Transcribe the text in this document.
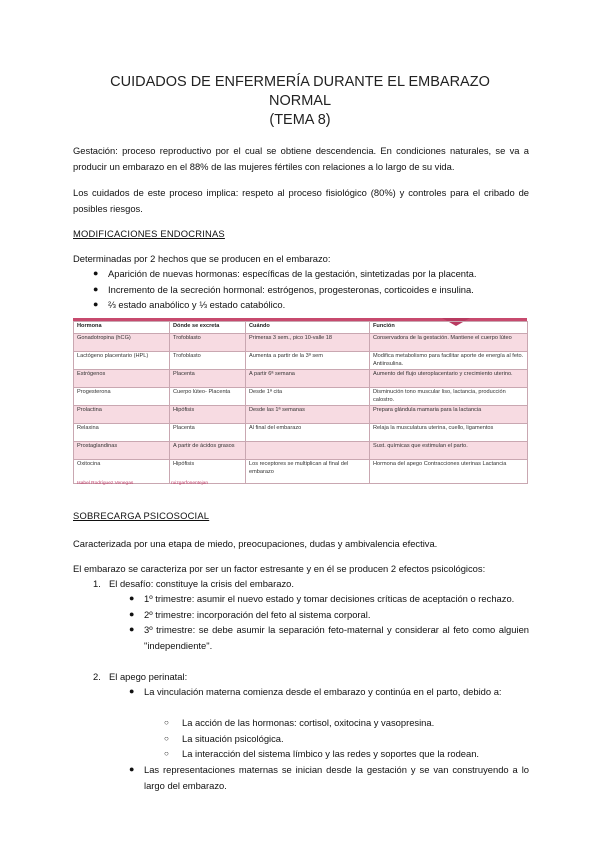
CUIDADOS DE ENFERMERÍA DURANTE EL EMBARAZO
NORMAL
(TEMA 8)

Gestación: proceso reproductivo por el cual se obtiene descendencia. En condiciones naturales, se va a producir un embarazo en el 88% de las mujeres fértiles con relaciones a lo largo de su vida.

Los cuidados de este proceso implica: respeto al proceso fisiológico (80%) y controles para el cribado de posibles riesgos.

MODIFICACIONES ENDOCRINAS

Determinadas por 2 hechos que se producen en el embarazo:

● Aparición de nuevas hormonas: específicas de la gestación, sintetizadas por la placenta.
● Incremento de la secreción hormonal: estrógenos, progesteronas, corticoides e insulina.
● ⅔ estado anabólico y ⅓ estado catabólico.
Hormona	Dónde se excreta	Cuándo	Función
Gonadotropina (hCG)	Trofoblasto	Primeras 3 sem., pico 10-valle 18	Conservadora de la gestación. Mantiene el cuerpo lúteo
Lactógeno placentario (HPL)	Trofoblasto	Aumenta a partir de la 3ª sem	Modifica metabolismo para facilitar aporte de energía al feto. Antiinsulina.
Estrógenos	Placenta	A partir 6ª semana	Aumento del flujo uteroplacentario y crecimiento uterino.
Progesterona	Cuerpo lúteo- Placenta	Desde 1ª cita	Disminución tono muscular liso, lactancia, producción calostro.
Prolactina	Hipófisis	Desde las 1ª semanas	Prepara glándula mamaria para la lactancia
Relaxina	Placenta	Al final del embarazo	Relaja la musculatura uterina, cuello, ligamentos
Prostaglandinas	A partir de ácidos grasos		Sust. químicas que estimulan el parto.
Oxitocina	Hipófisis	Los receptores se multiplican al final del embarazo	Hormona del apego Contracciones uterinas Lactancia
Isabel Rodríguez Venegas	ruizgarfonentejan
SOBRECARGA PSICOSOCIAL

Caracterizada por una etapa de miedo, preocupaciones, dudas y ambivalencia efectiva.

El embarazo se caracteriza por ser un factor estresante y en él se producen 2 efectos psicológicos:

1. El desafío: constituye la crisis del embarazo.
● 1º trimestre: asumir el nuevo estado y tomar decisiones críticas de aceptación o rechazo.
● 2º trimestre: incorporación del feto al sistema corporal.
● 3º trimestre: se debe asumir la separación feto-maternal y considerar al feto como alguien "independiente".
2. El apego perinatal:
● La vinculación materna comienza desde el embarazo y continúa en el parto, debido a:
○ La acción de las hormonas: cortisol, oxitocina y vasopresina.
○ La situación psicológica.
○ La interacción del sistema límbico y las redes y soportes que la rodean.
● Las representaciones maternas se inician desde la gestación y se van construyendo a lo largo del embarazo.
